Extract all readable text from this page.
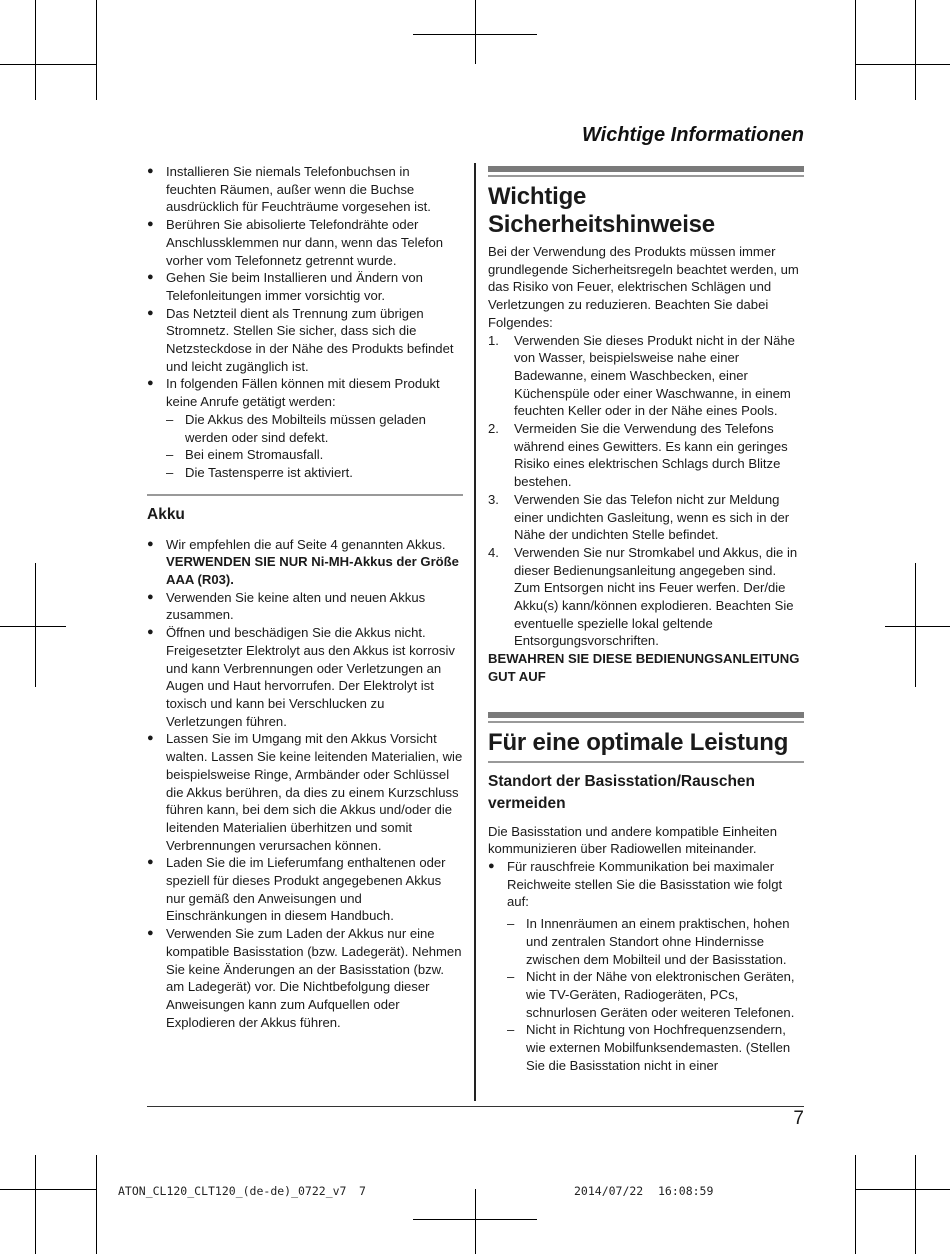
Wichtige Informationen
● Installieren Sie niemals Telefonbuchsen in feuchten Räumen, außer wenn die Buchse ausdrücklich für Feuchträume vorgesehen ist.
● Berühren Sie abisolierte Telefondrähte oder Anschlussklemmen nur dann, wenn das Telefon vorher vom Telefonnetz getrennt wurde.
● Gehen Sie beim Installieren und Ändern von Telefonleitungen immer vorsichtig vor.
● Das Netzteil dient als Trennung zum übrigen Stromnetz. Stellen Sie sicher, dass sich die Netzsteckdose in der Nähe des Produkts befindet und leicht zugänglich ist.
● In folgenden Fällen können mit diesem Produkt keine Anrufe getätigt werden:
– Die Akkus des Mobilteils müssen geladen werden oder sind defekt.
– Bei einem Stromausfall.
– Die Tastensperre ist aktiviert.
Akku
● Wir empfehlen die auf Seite 4 genannten Akkus. VERWENDEN SIE NUR Ni-MH-Akkus der Größe AAA (R03).
● Verwenden Sie keine alten und neuen Akkus zusammen.
● Öffnen und beschädigen Sie die Akkus nicht. Freigesetzter Elektrolyt aus den Akkus ist korrosiv und kann Verbrennungen oder Verletzungen an Augen und Haut hervorrufen. Der Elektrolyt ist toxisch und kann bei Verschlucken zu Verletzungen führen.
● Lassen Sie im Umgang mit den Akkus Vorsicht walten. Lassen Sie keine leitenden Materialien, wie beispielsweise Ringe, Armbänder oder Schlüssel die Akkus berühren, da dies zu einem Kurzschluss führen kann, bei dem sich die Akkus und/oder die leitenden Materialien überhitzen und somit Verbrennungen verursachen können.
● Laden Sie die im Lieferumfang enthaltenen oder speziell für dieses Produkt angegebenen Akkus nur gemäß den Anweisungen und Einschränkungen in diesem Handbuch.
● Verwenden Sie zum Laden der Akkus nur eine kompatible Basisstation (bzw. Ladegerät). Nehmen Sie keine Änderungen an der Basisstation (bzw. am Ladegerät) vor. Die Nichtbefolgung dieser Anweisungen kann zum Aufquellen oder Explodieren der Akkus führen.
Wichtige Sicherheitshinweise
Bei der Verwendung des Produkts müssen immer grundlegende Sicherheitsregeln beachtet werden, um das Risiko von Feuer, elektrischen Schlägen und Verletzungen zu reduzieren. Beachten Sie dabei Folgendes:
1. Verwenden Sie dieses Produkt nicht in der Nähe von Wasser, beispielsweise nahe einer Badewanne, einem Waschbecken, einer Küchenspüle oder einer Waschwanne, in einem feuchten Keller oder in der Nähe eines Pools.
2. Vermeiden Sie die Verwendung des Telefons während eines Gewitters. Es kann ein geringes Risiko eines elektrischen Schlags durch Blitze bestehen.
3. Verwenden Sie das Telefon nicht zur Meldung einer undichten Gasleitung, wenn es sich in der Nähe der undichten Stelle befindet.
4. Verwenden Sie nur Stromkabel und Akkus, die in dieser Bedienungsanleitung angegeben sind. Zum Entsorgen nicht ins Feuer werfen. Der/die Akku(s) kann/können explodieren. Beachten Sie eventuelle spezielle lokal geltende Entsorgungsvorschriften.
BEWAHREN SIE DIESE BEDIENUNGSANLEITUNG GUT AUF
Für eine optimale Leistung
Standort der Basisstation/Rauschen vermeiden
Die Basisstation und andere kompatible Einheiten kommunizieren über Radiowellen miteinander.
● Für rauschfreie Kommunikation bei maximaler Reichweite stellen Sie die Basisstation wie folgt auf:
– In Innenräumen an einem praktischen, hohen und zentralen Standort ohne Hindernisse zwischen dem Mobilteil und der Basisstation.
– Nicht in der Nähe von elektronischen Geräten, wie TV-Geräten, Radiogeräten, PCs, schnurlosen Geräten oder weiteren Telefonen.
– Nicht in Richtung von Hochfrequenzsendern, wie externen Mobilfunksendemasten. (Stellen Sie die Basisstation nicht in einer
7
ATON_CL120_CLT120_(de-de)_0722_v7 7	2014/07/22 16:08:59
